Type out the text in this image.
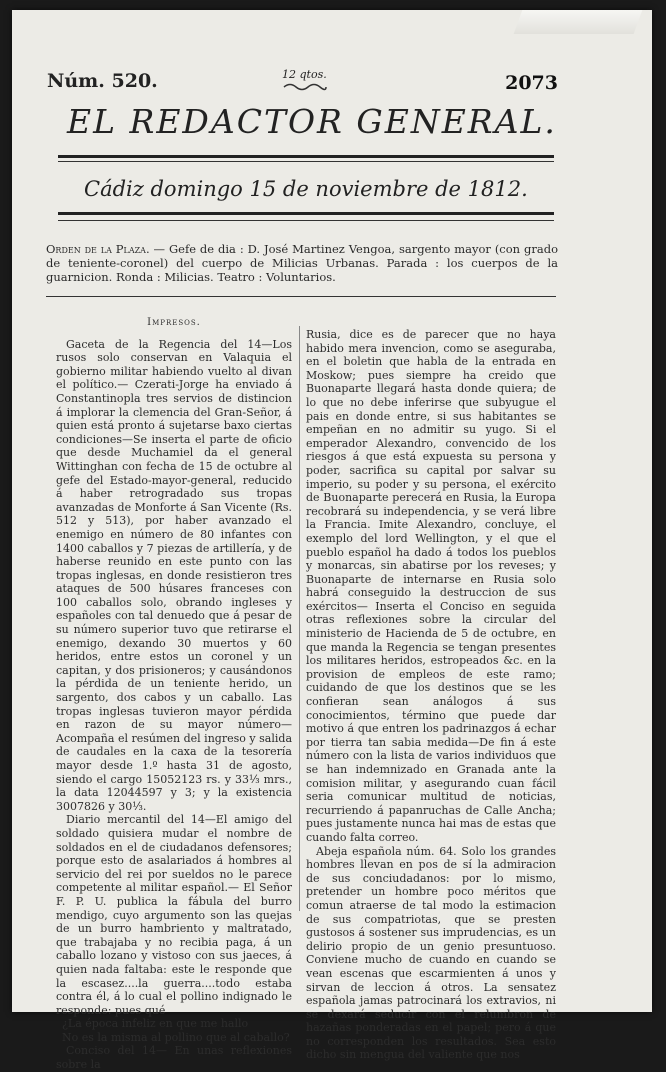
Núm. 520.	12 qtos.	2073
EL REDACTOR GENERAL.
Cádiz domingo 15 de noviembre de 1812.
Orden de la Plaza. — Gefe de dia : D. José Martinez Vengoa, sargento mayor (con grado de teniente-coronel) del cuerpo de Milicias Urbanas. Parada : los cuerpos de la guarnicion. Ronda : Milicias. Teatro : Voluntarios.
Impresos.

Gaceta de la Regencia del 14—Los rusos solo conservan en Valaquia el gobierno militar habiendo vuelto al divan el político.— Czerati-Jorge ha enviado á Constantinopla tres servios de distincion á implorar la clemencia del Gran-Señor, á quien está pronto á sujetarse baxo ciertas condiciones—Se inserta el parte de oficio que desde Muchamiel da el general Wittinghan con fecha de 15 de octubre al gefe del Estado-mayor-general, reducido á haber retrogradado sus tropas avanzadas de Monforte á San Vicente (Rs. 512 y 513), por haber avanzado el enemigo en número de 80 infantes con 1400 caballos y 7 piezas de artillería, y de haberse reunido en este punto con las tropas inglesas, en donde resistieron tres ataques de 500 húsares franceses con 100 caballos solo, obrando ingleses y españoles con tal denuedo que á pesar de su número superior tuvo que retirarse el enemigo, dexando 30 muertos y 60 heridos, entre estos un coronel y un capitan, y dos prisioneros; y causándonos la pérdida de un teniente herido, un sargento, dos cabos y un caballo. Las tropas inglesas tuvieron mayor pérdida en razon de su mayor número—Acompaña el resúmen del ingreso y salida de caudales en la caxa de la tesorería mayor desde 1.º hasta 31 de agosto, siendo el cargo 15052123 rs. y 33⅓ mrs., la data 12044597 y 3; y la existencia 3007826 y 30⅓.

Diario mercantil del 14—El amigo del soldado quisiera mudar el nombre de soldados en el de ciudadanos defensores; porque esto de asalariados á hombres al servicio del rei por sueldos no le parece competente al militar español.— El Señor F. P. U. publica la fábula del burro mendigo, cuyo argumento son las quejas de un burro hambriento y maltratado, que trabajaba y no recibia paga, á un caballo lozano y vistoso con sus jaeces, á quien nada faltaba: este le responde que la escasez....la guerra....todo estaba contra él, á lo cual el pollino indignado le responde: pues qué

¿La época infeliz en que me hallo

No es la misma al pollino que al caballo?

Conciso del 14— En unas reflexiones sobre la

Rusia, dice es de parecer que no haya habido mera invencion, como se aseguraba, en el boletin que habla de la entrada en Moskow; pues siempre ha creido que Buonaparte llegará hasta donde quiera; de lo que no debe inferirse que subyugue el pais en donde entre, si sus habitantes se empeñan en no admitir su yugo. Si el emperador Alexandro, convencido de los riesgos á que está expuesta su persona y poder, sacrifica su capital por salvar su imperio, su poder y su persona, el exército de Buonaparte perecerá en Rusia, la Europa recobrará su independencia, y se verá libre la Francia. Imite Alexandro, concluye, el exemplo del lord Wellington, y el que el pueblo español ha dado á todos los pueblos y monarcas, sin abatirse por los reveses; y Buonaparte de internarse en Rusia solo habrá conseguido la destruccion de sus exércitos— Inserta el Conciso en seguida otras reflexiones sobre la circular del ministerio de Hacienda de 5 de octubre, en que manda la Regencia se tengan presentes los militares heridos, estropeados &c. en la provision de empleos de este ramo; cuidando de que los destinos que se les confieran sean análogos á sus conocimientos, término que puede dar motivo á que entren los padrinazgos á echar por tierra tan sabia medida—De fin á este número con la lista de varios individuos que se han indemnizado en Granada ante la comision militar, y asegurando cuan fácil seria comunicar multitud de noticias, recurriendo á papanruchas de Calle Ancha; pues justamente nunca hai mas de estas que cuando falta correo.

Abeja española núm. 64. Solo los grandes hombres llevan en pos de sí la admiracion de sus conciudadanos: por lo mismo, pretender un hombre poco méritos que comun atraerse de tal modo la estimacion de sus compatriotas, que se presten gustosos á sostener sus imprudencias, es un delirio propio de un genio presuntuoso. Conviene mucho de cuando en cuando se vean escenas que escarmienten á unos y sirvan de leccion á otros. La sensatez española jamas patrocinará los extravios, ni se dexará seducir con el relumbron de hazañas ponderadas en el papel; pero á que no corresponden los resultados. Sea esto dicho sin mengua del valiente que nos
